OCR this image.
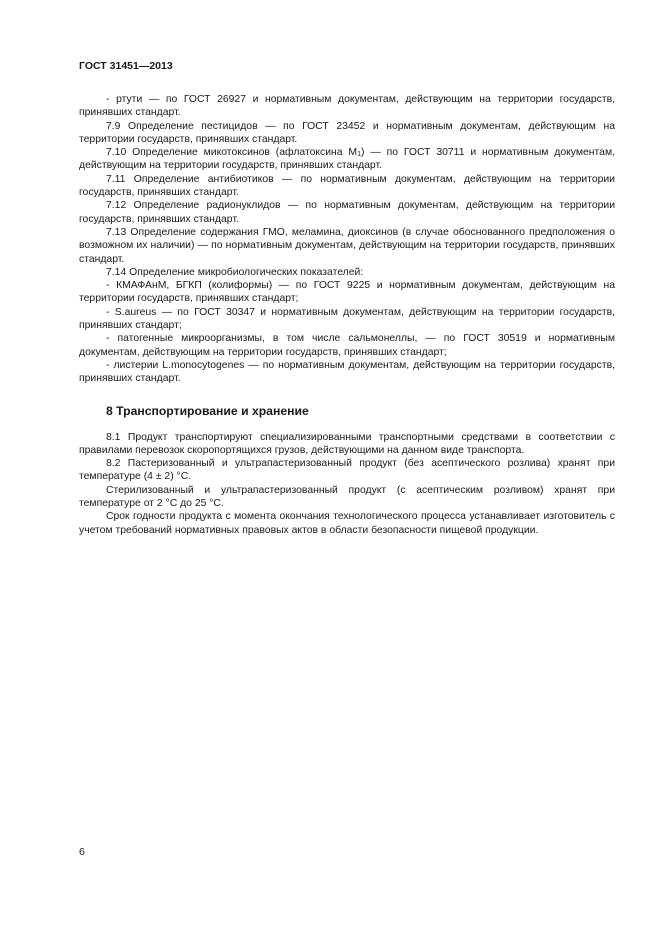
ГОСТ 31451—2013

- ртути — по ГОСТ 26927 и нормативным документам, действующим на территории государств, принявших стандарт.

7.9 Определение пестицидов — по ГОСТ 23452 и нормативным документам, действующим на территории государств, принявших стандарт.

7.10 Определение микотоксинов (афлатоксина $М_1$) — по ГОСТ 30711 и нормативным документам, действующим на территории государств, принявших стандарт.

7.11 Определение антибиотиков — по нормативным документам, действующим на территории государств, принявших стандарт.

7.12 Определение радионуклидов — по нормативным документам, действующим на территории государств, принявших стандарт.

7.13 Определение содержания ГМО, меламина, диоксинов (в случае обоснованного предположения о возможном их наличии) — по нормативным документам, действующим на территории государств, принявших стандарт.

7.14 Определение микробиологических показателей:

- КМАФАнМ, БГКП (колиформы) — по ГОСТ 9225 и нормативным документам, действующим на территории государств, принявших стандарт;

- S.aureus — по ГОСТ 30347 и нормативным документам, действующим на территории государств, принявших стандарт;

- патогенные микроорганизмы, в том числе сальмонеллы, — по ГОСТ 30519 и нормативным документам, действующим на территории государств, принявших стандарт;

- листерии L.monocytogenes — по нормативным документам, действующим на территории государств, принявших стандарт.

8 Транспортирование и хранение

8.1 Продукт транспортируют специализированными транспортными средствами в соответствии с правилами перевозок скоропортящихся грузов, действующими на данном виде транспорта.

8.2 Пастеризованный и ультрапастеризованный продукт (без асептического розлива) хранят при температуре (4 ± 2) °С.

Стерилизованный и ультрапастеризованный продукт (с асептическим розливом) хранят при температуре от 2 °С до 25 °С.

Срок годности продукта с момента окончания технологического процесса устанавливает изготовитель с учетом требований нормативных правовых актов в области безопасности пищевой продукции.

6
